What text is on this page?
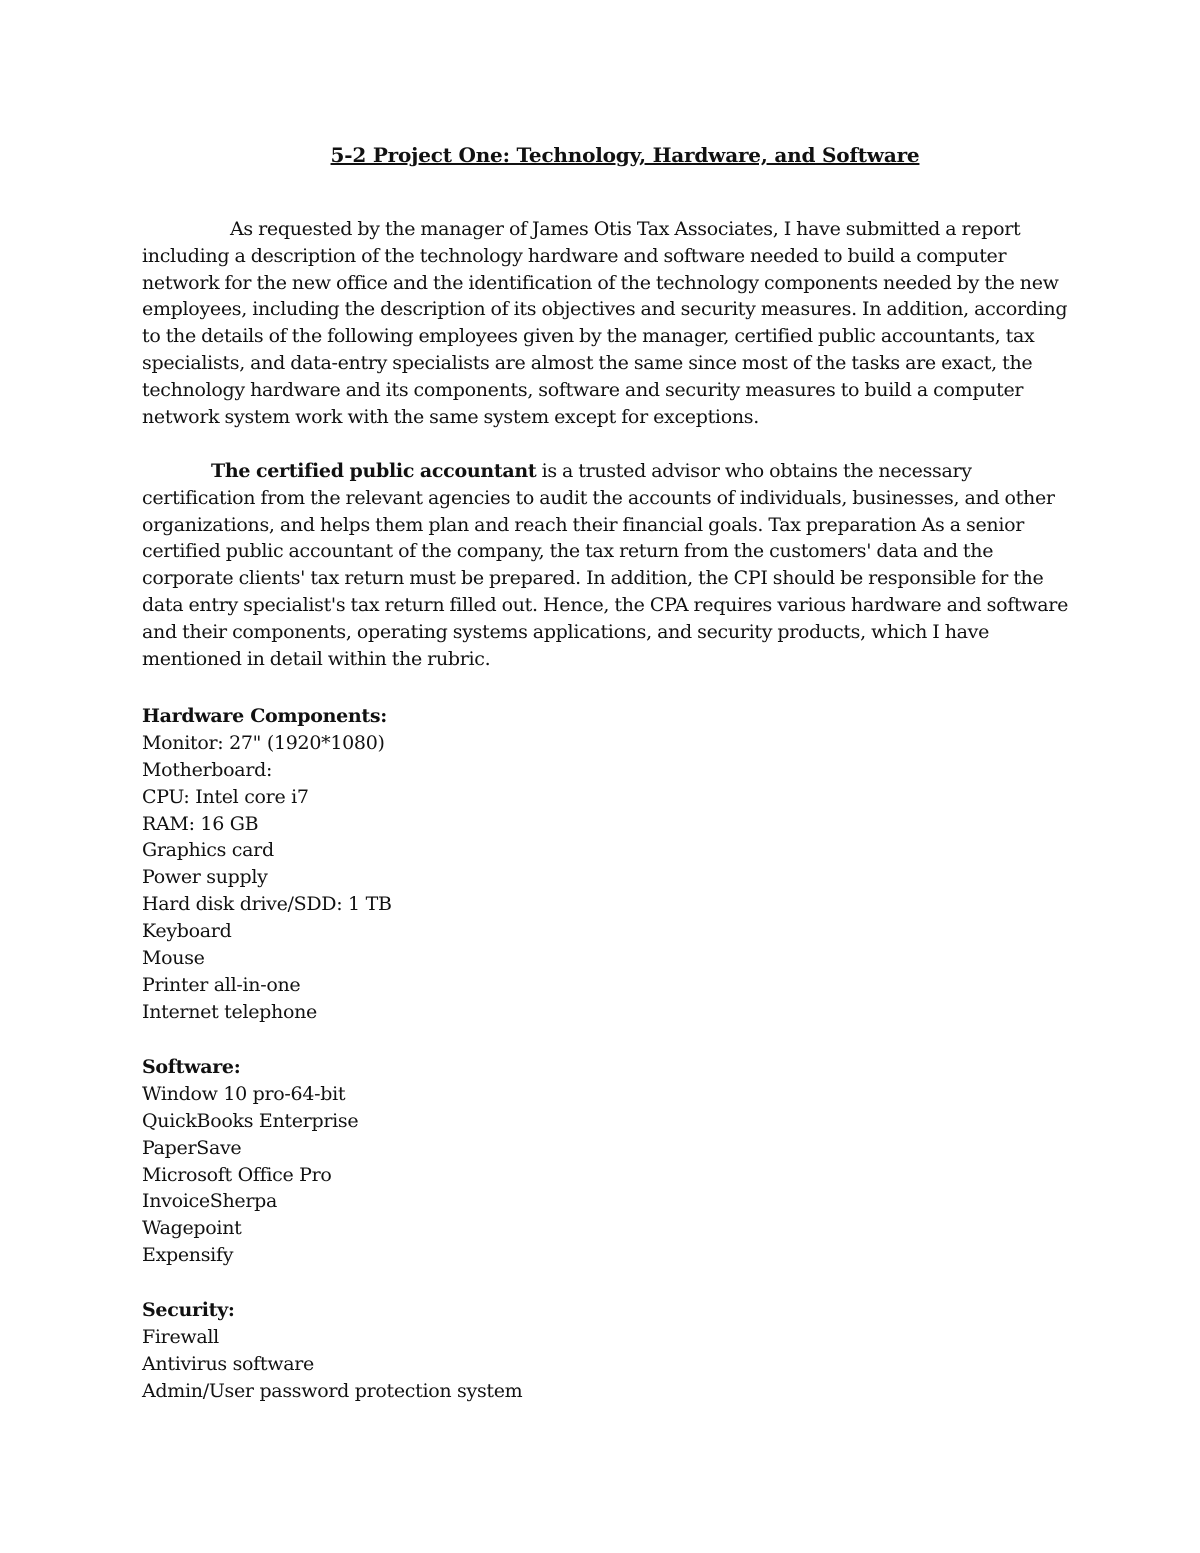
5-2 Project One: Technology, Hardware, and Software

As requested by the manager of James Otis Tax Associates, I have submitted a report including a description of the technology hardware and software needed to build a computer network for the new office and the identification of the technology components needed by the new employees, including the description of its objectives and security measures. In addition, according to the details of the following employees given by the manager, certified public accountants, tax specialists, and data-entry specialists are almost the same since most of the tasks are exact, the technology hardware and its components, software and security measures to build a computer network system work with the same system except for exceptions.

The certified public accountant is a trusted advisor who obtains the necessary certification from the relevant agencies to audit the accounts of individuals, businesses, and other organizations, and helps them plan and reach their financial goals. Tax preparation As a senior certified public accountant of the company, the tax return from the customers' data and the corporate clients' tax return must be prepared. In addition, the CPI should be responsible for the data entry specialist's tax return filled out. Hence, the CPA requires various hardware and software and their components, operating systems applications, and security products, which I have mentioned in detail within the rubric.

Hardware Components:
Monitor: 27" (1920*1080)
Motherboard:
CPU: Intel core i7
RAM: 16 GB
Graphics card
Power supply
Hard disk drive/SDD: 1 TB
Keyboard
Mouse
Printer all-in-one
Internet telephone
Software:
Window 10 pro-64-bit
QuickBooks Enterprise
PaperSave
Microsoft Office Pro
InvoiceSherpa
Wagepoint
Expensify
Security:
Firewall
Antivirus software
Admin/User password protection system
